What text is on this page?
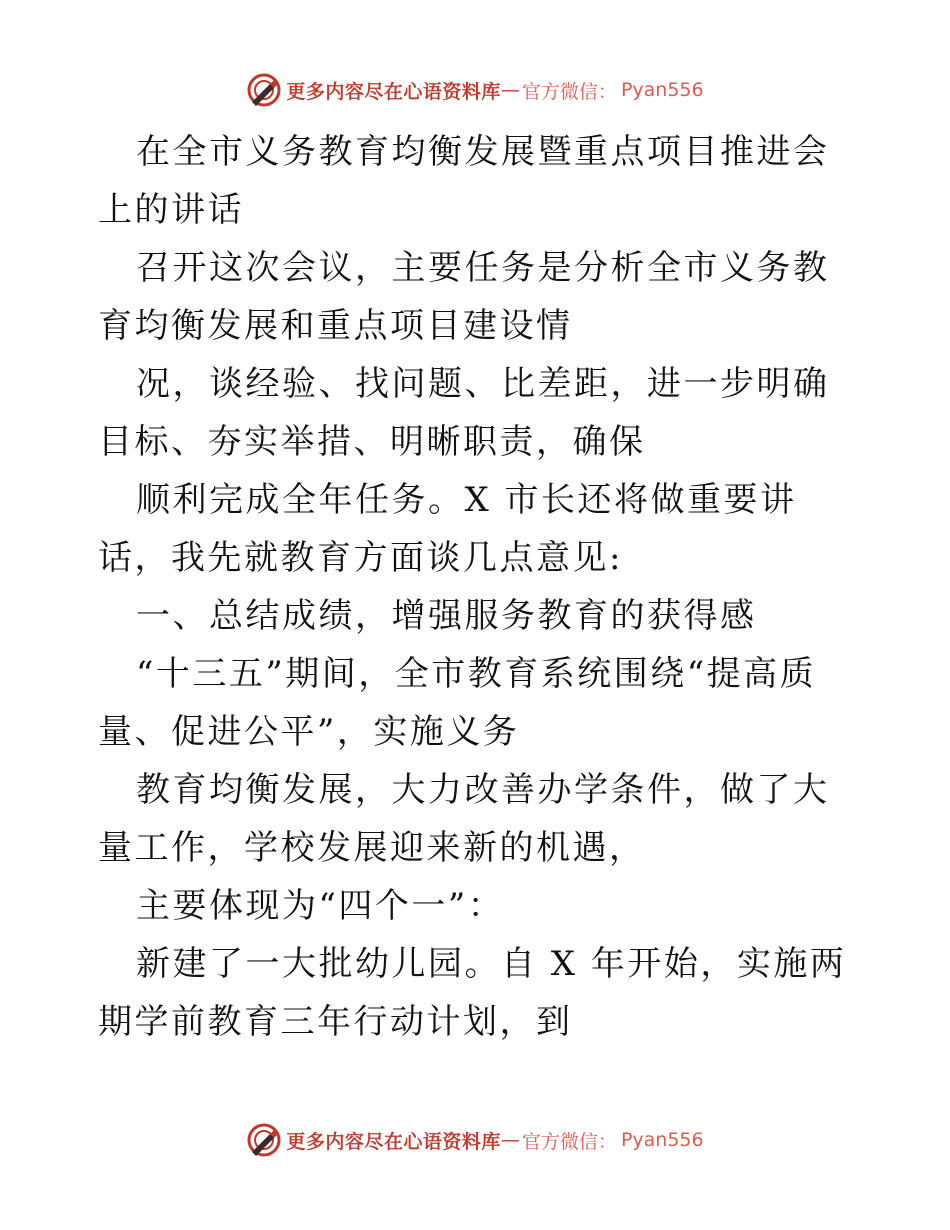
更多内容尽在心语资料库 — 官方微信： Pyan556

在全市义务教育均衡发展暨重点项目推进会上的讲话

召开这次会议，主要任务是分析全市义务教育均衡发展和重点项目建设情

况，谈经验、找问题、比差距，进一步明确目标、夯实举措、明晰职责，确保

顺利完成全年任务。X 市长还将做重要讲话，我先就教育方面谈几点意见:

一、总结成绩，增强服务教育的获得感

“十三五”期间，全市教育系统围绕“提高质量、促进公平”，实施义务

教育均衡发展，大力改善办学条件，做了大量工作，学校发展迎来新的机遇，

主要体现为“四个一”：

新建了一大批幼儿园。自 X 年开始，实施两期学前教育三年行动计划，到

更多内容尽在心语资料库 — 官方微信： Pyan556
